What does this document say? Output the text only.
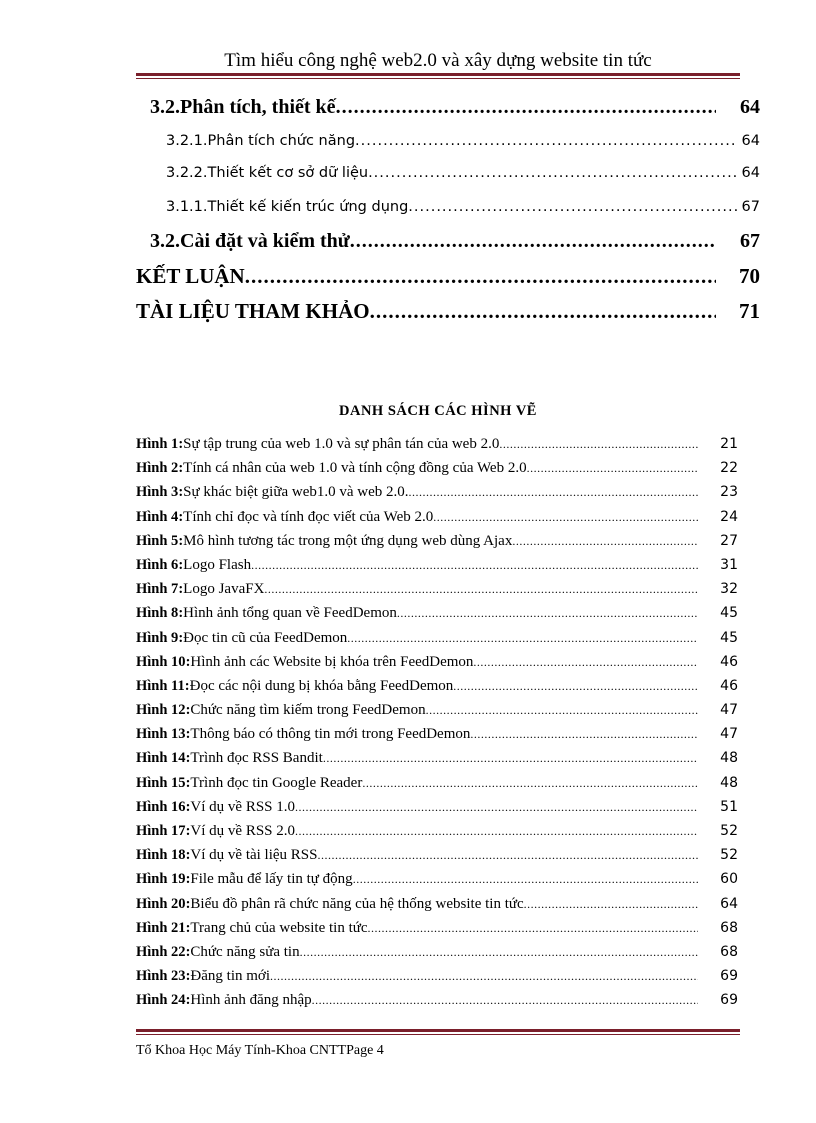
Tìm hiểu công nghệ web2.0 và xây dựng website tin tức
3.2. Phân tích, thiết kế .....	64
3.2.1. Phân tích chức năng .....	64
3.2.2. Thiết kết cơ sở dữ liệu .....	64
3.1.1. Thiết kế kiến trúc ứng dụng .....	67
3.2. Cài đặt và kiểm thử .....	67
KẾT LUẬN .....	70
TÀI LIỆU THAM KHẢO .....	71
DANH SÁCH CÁC HÌNH VẼ
Hình 1 : Sự tập trung của web 1.0 và sự phân tán của web 2.0 .....	21
Hình 2 : Tính cá nhân của web 1.0 và tính cộng đồng của Web 2.0 .....	22
Hình 3 : Sự khác biệt giữa web1.0 và web 2.0. .....	23
Hình 4 : Tính chỉ đọc và tính đọc viết của Web 2.0 .....	24
Hình 5 : Mô hình tương tác trong một ứng dụng web dùng Ajax .....	27
Hình 6 : Logo Flash .....	31
Hình 7 : Logo JavaFX .....	32
Hình 8 : Hình ảnh tổng quan về FeedDemon .....	45
Hình 9 : Đọc tin cũ của FeedDemon .....	45
Hình 10 : Hình ảnh các Website bị khóa trên FeedDemon .....	46
Hình 11 : Đọc các nội dung bị khóa bằng FeedDemon .....	46
Hình 12 : Chức năng tìm kiếm trong FeedDemon .....	47
Hình 13 : Thông báo có thông tin mới trong FeedDemon .....	47
Hình 14 : Trình đọc RSS Bandit .....	48
Hình 15 : Trình đọc tin Google Reader .....	48
Hình 16 : Ví dụ về RSS 1.0 .....	51
Hình 17 : Ví dụ về RSS 2.0 .....	52
Hình 18 : Ví dụ về tài liệu RSS .....	52
Hình 19 : File mẫu để lấy tin tự động .....	60
Hình 20 : Biểu đồ phân rã chức năng của hệ thống website tin tức .....	64
Hình 21 : Trang chủ của website tin tức .....	68
Hình 22 : Chức năng sửa tin .....	68
Hình 23 : Đăng tin mới .....	69
Hình 24 : Hình ảnh đăng nhập .....	69
Tổ Khoa Học Máy Tính-Khoa CNTTPage 4
